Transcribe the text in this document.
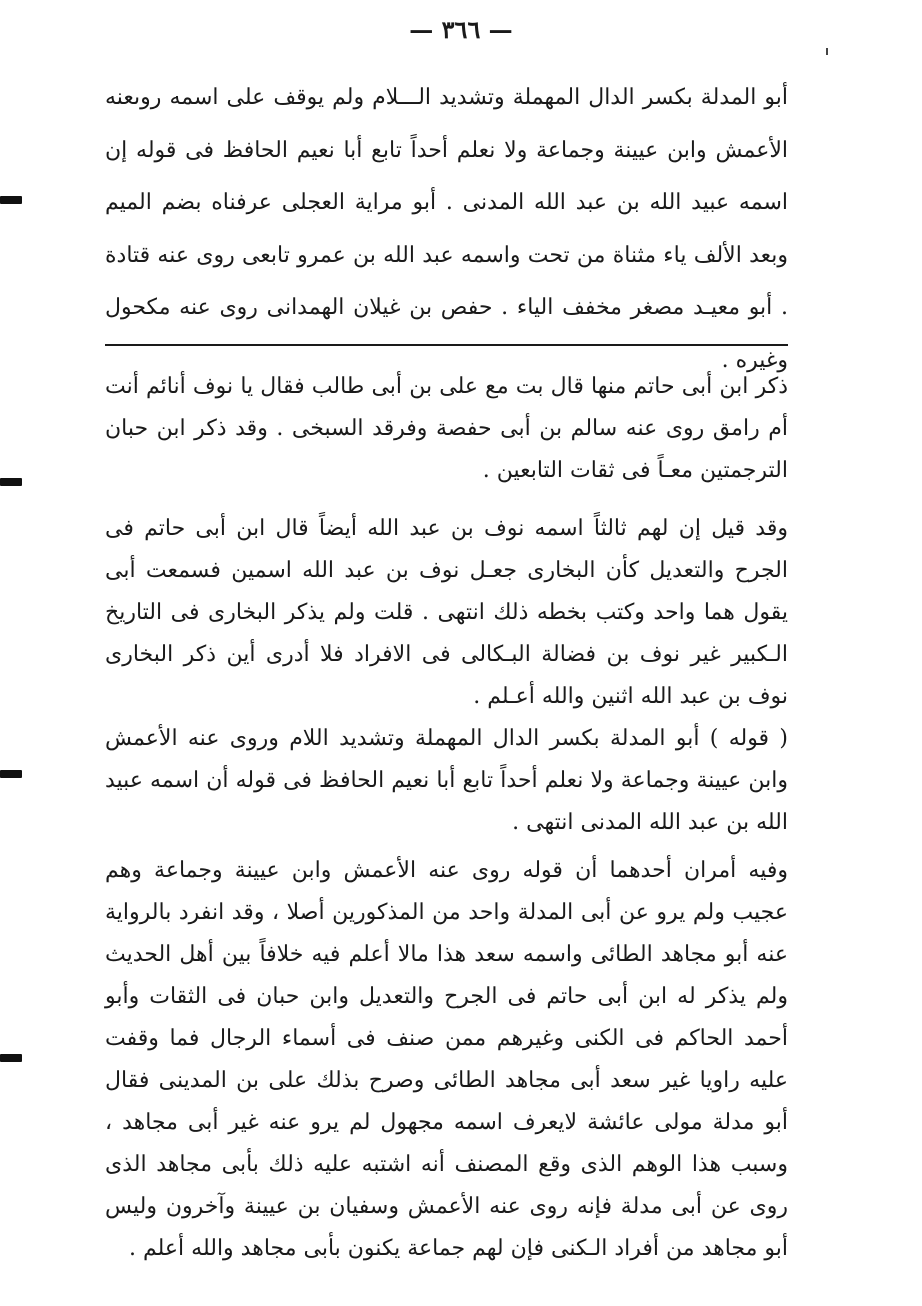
— ٣٦٦ —

أبو المدلة بكسر الدال المهملة وتشديد الـــلام ولم يوقف على اسمه روىعنه الأعمش وابن عيينة وجماعة ولا نعلم أحداً تابع أبا نعيم الحافظ فى قوله إن اسمه عبيد الله بن عبد الله المدنى . أبو مراية العجلى عرفناه بضم الميم وبعد الألف ياء مثناة من تحت واسمه عبد الله بن عمرو تابعى روى عنه قتادة . أبو معيـد مصغر مخفف الياء . حفص بن غيلان الهمدانى روى عنه مكحول وغيره .

ذكر ابن أبى حاتم منها قال بت مع على بن أبى طالب فقال يا نوف أنائم أنت أم رامق روى عنه سالم بن أبى حفصة وفرقد السبخى . وقد ذكر ابن حبان الترجمتين معـاً فى ثقات التابعين .

وقد قيل إن لهم ثالثاً اسمه نوف بن عبد الله أيضاً قال ابن أبى حاتم فى الجرح والتعديل كأن البخارى جعـل نوف بن عبد الله اسمين فسمعت أبى يقول هما واحد وكتب بخطه ذلك انتهى . قلت ولم يذكر البخارى فى التاريخ الـكبير غير نوف بن فضالة البـكالى فى الافراد فلا أدرى أين ذكر البخارى نوف بن عبد الله اثنين والله أعـلم .

( قوله ) أبو المدلة بكسر الدال المهملة وتشديد اللام وروى عنه الأعمش وابن عيينة وجماعة ولا نعلم أحداً تابع أبا نعيم الحافظ فى قوله أن اسمه عبيد الله بن عبد الله المدنى انتهى .

وفيه أمران أحدهما أن قوله روى عنه الأعمش وابن عيينة وجماعة وهم عجيب ولم يرو عن أبى المدلة واحد من المذكورين أصلا ، وقد انفرد بالرواية عنه أبو مجاهد الطائى واسمه سعد هذا مالا أعلم فيه خلافاً بين أهل الحديث ولم يذكر له ابن أبى حاتم فى الجرح والتعديل وابن حبان فى الثقات وأبو أحمد الحاكم فى الكنى وغيرهم ممن صنف فى أسماء الرجال فما وقفت عليه راويا غير سعد أبى مجاهد الطائى وصرح بذلك على بن المدينى فقال أبو مدلة مولى عائشة لايعرف اسمه مجهول لم يرو عنه غير أبى مجاهد ، وسبب هذا الوهم الذى وقع المصنف أنه اشتبه عليه ذلك بأبى مجاهد الذى روى عن أبى مدلة فإنه روى عنه الأعمش وسفيان بن عيينة وآخرون وليس أبو مجاهد من أفراد الـكنى فإن لهم جماعة يكنون بأبى مجاهد والله أعلم .
